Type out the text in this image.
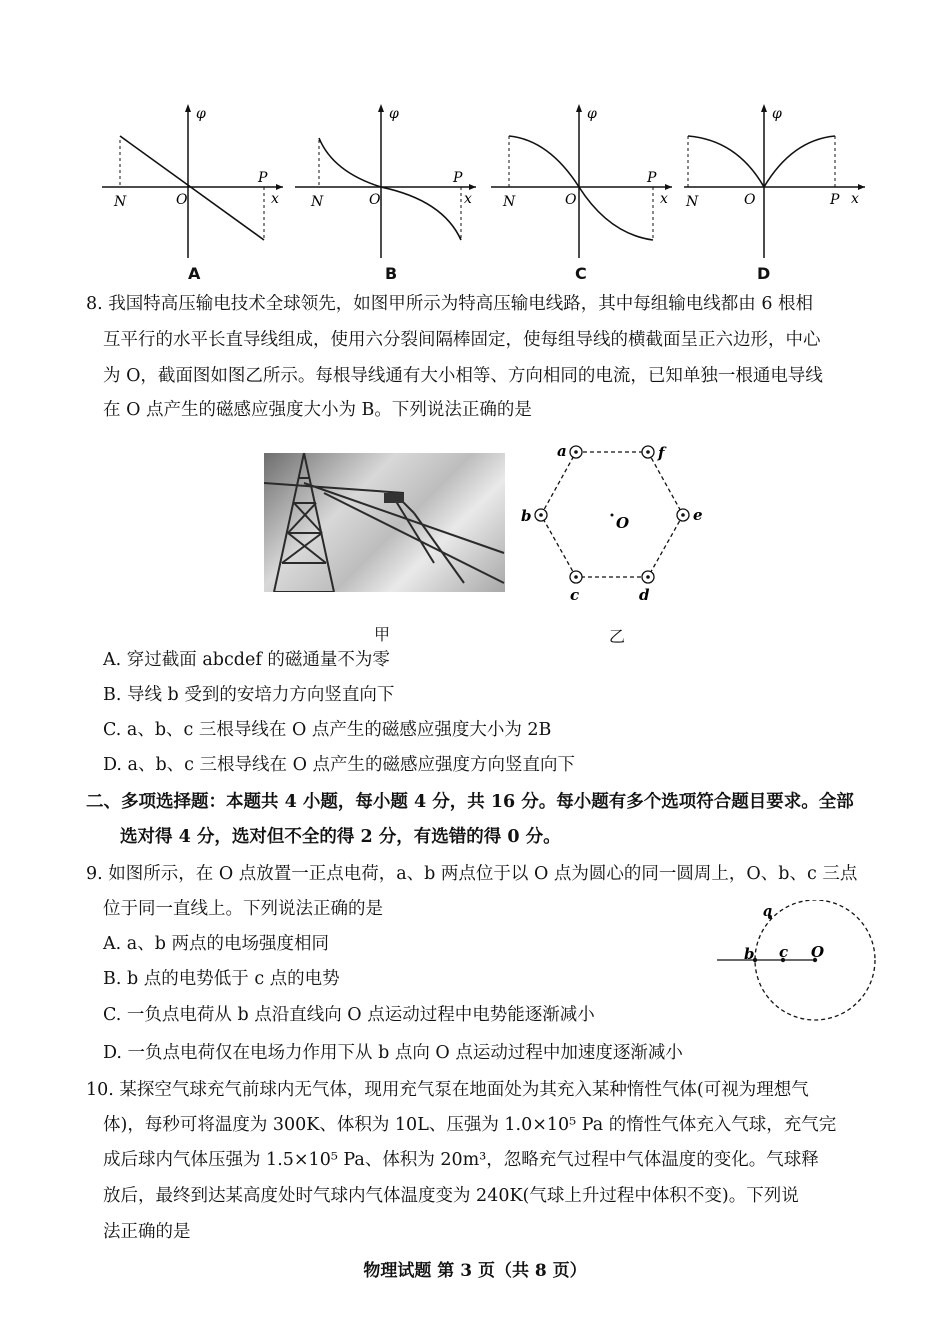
φ
x
N	O
P
φ
x
N	O
P
φ
x
N	O
P
φ
x
N	O	P
A	B	C	D
8. 我国特高压输电技术全球领先，如图甲所示为特高压输电线路，其中每组输电线都由 6 根相
互平行的水平长直导线组成，使用六分裂间隔棒固定，使每组导线的横截面呈正六边形，中心
为 O，截面图如图乙所示。每根导线通有大小相等、方向相同的电流，已知单独一根通电导线
在 O 点产生的磁感应强度大小为 B。下列说法正确的是
甲
a	f
b	e
c	d
O
乙
A. 穿过截面 abcdef 的磁通量不为零
B. 导线 b 受到的安培力方向竖直向下
C. a、b、c 三根导线在 O 点产生的磁感应强度大小为 2B
D. a、b、c 三根导线在 O 点产生的磁感应强度方向竖直向下
二、多项选择题：本题共 4 小题，每小题 4 分，共 16 分。每小题有多个选项符合题目要求。全部
选对得 4 分，选对但不全的得 2 分，有选错的得 0 分。
9. 如图所示，在 O 点放置一正点电荷，a、b 两点位于以 O 点为圆心的同一圆周上，O、b、c 三点
位于同一直线上。下列说法正确的是
A. a、b 两点的电场强度相同
B. b 点的电势低于 c 点的电势
C. 一负点电荷从 b 点沿直线向 O 点运动过程中电势能逐渐减小
D. 一负点电荷仅在电场力作用下从 b 点向 O 点运动过程中加速度逐渐减小
a
b c O
10. 某探空气球充气前球内无气体，现用充气泵在地面处为其充入某种惰性气体(可视为理想气
体)，每秒可将温度为 300K、体积为 10L、压强为 1.0×10⁵ Pa 的惰性气体充入气球，充气完
成后球内气体压强为 1.5×10⁵ Pa、体积为 20m³，忽略充气过程中气体温度的变化。气球释
放后，最终到达某高度处时气球内气体温度变为 240K(气球上升过程中体积不变)。下列说
法正确的是
物理试题 第 3 页（共 8 页）
